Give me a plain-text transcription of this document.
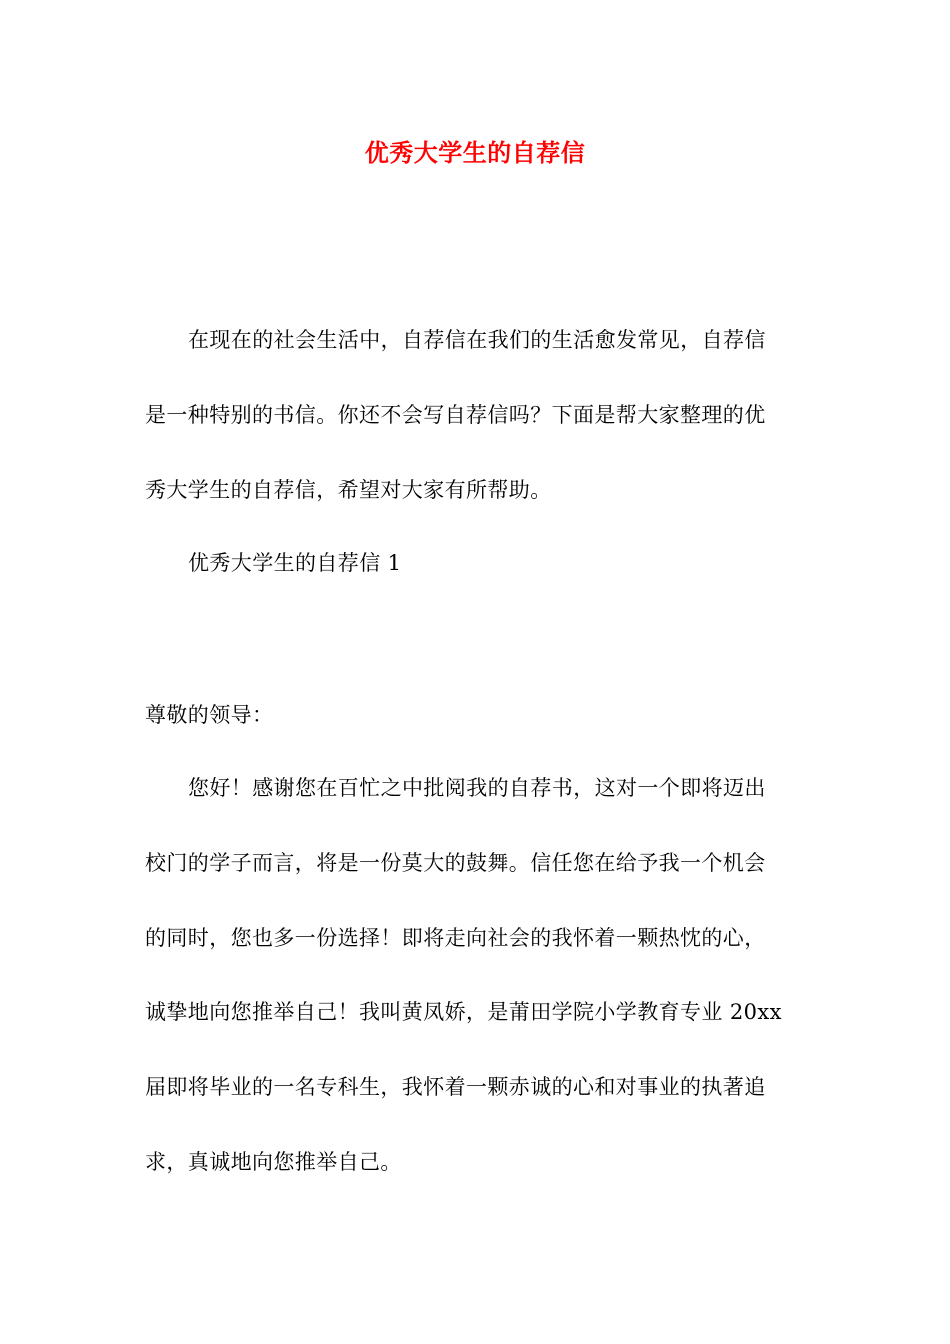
优秀大学生的自荐信
在现在的社会生活中，自荐信在我们的生活愈发常见，自荐信
是一种特别的书信。你还不会写自荐信吗？下面是帮大家整理的优
秀大学生的自荐信，希望对大家有所帮助。
优秀大学生的自荐信 1
尊敬的领导：
您好！感谢您在百忙之中批阅我的自荐书，这对一个即将迈出
校门的学子而言，将是一份莫大的鼓舞。信任您在给予我一个机会
的同时，您也多一份选择！即将走向社会的我怀着一颗热忱的心，
诚挚地向您推举自己！我叫黄凤娇，是莆田学院小学教育专业 20xx
届即将毕业的一名专科生，我怀着一颗赤诚的心和对事业的执著追
求，真诚地向您推举自己。
